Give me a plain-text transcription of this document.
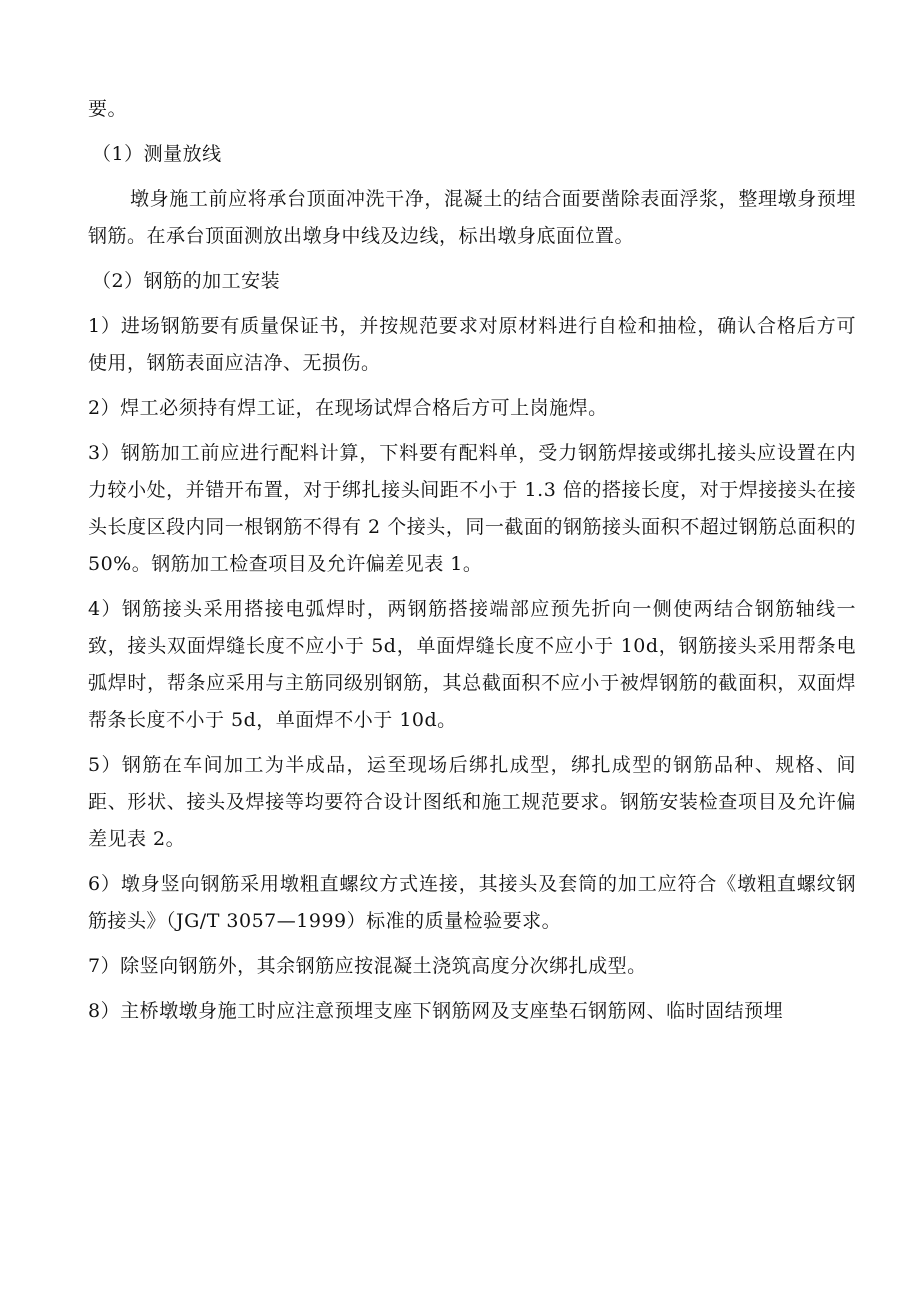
要。

（1）测量放线

墩身施工前应将承台顶面冲洗干净，混凝土的结合面要凿除表面浮浆，整理墩身预埋钢筋。在承台顶面测放出墩身中线及边线，标出墩身底面位置。

（2）钢筋的加工安装

1）进场钢筋要有质量保证书，并按规范要求对原材料进行自检和抽检，确认合格后方可使用，钢筋表面应洁净、无损伤。

2）焊工必须持有焊工证，在现场试焊合格后方可上岗施焊。

3）钢筋加工前应进行配料计算，下料要有配料单，受力钢筋焊接或绑扎接头应设置在内力较小处，并错开布置，对于绑扎接头间距不小于 1.3 倍的搭接长度，对于焊接接头在接头长度区段内同一根钢筋不得有 2 个接头，同一截面的钢筋接头面积不超过钢筋总面积的 50%。钢筋加工检查项目及允许偏差见表 1。

4）钢筋接头采用搭接电弧焊时，两钢筋搭接端部应预先折向一侧使两结合钢筋轴线一致，接头双面焊缝长度不应小于 5d，单面焊缝长度不应小于 10d，钢筋接头采用帮条电弧焊时，帮条应采用与主筋同级别钢筋，其总截面积不应小于被焊钢筋的截面积，双面焊帮条长度不小于 5d，单面焊不小于 10d。

5）钢筋在车间加工为半成品，运至现场后绑扎成型，绑扎成型的钢筋品种、规格、间距、形状、接头及焊接等均要符合设计图纸和施工规范要求。钢筋安装检查项目及允许偏差见表 2。

6）墩身竖向钢筋采用墩粗直螺纹方式连接，其接头及套筒的加工应符合《墩粗直螺纹钢筋接头》（JG/T 3057—1999）标准的质量检验要求。

7）除竖向钢筋外，其余钢筋应按混凝土浇筑高度分次绑扎成型。

8）主桥墩墩身施工时应注意预埋支座下钢筋网及支座垫石钢筋网、临时固结预埋
